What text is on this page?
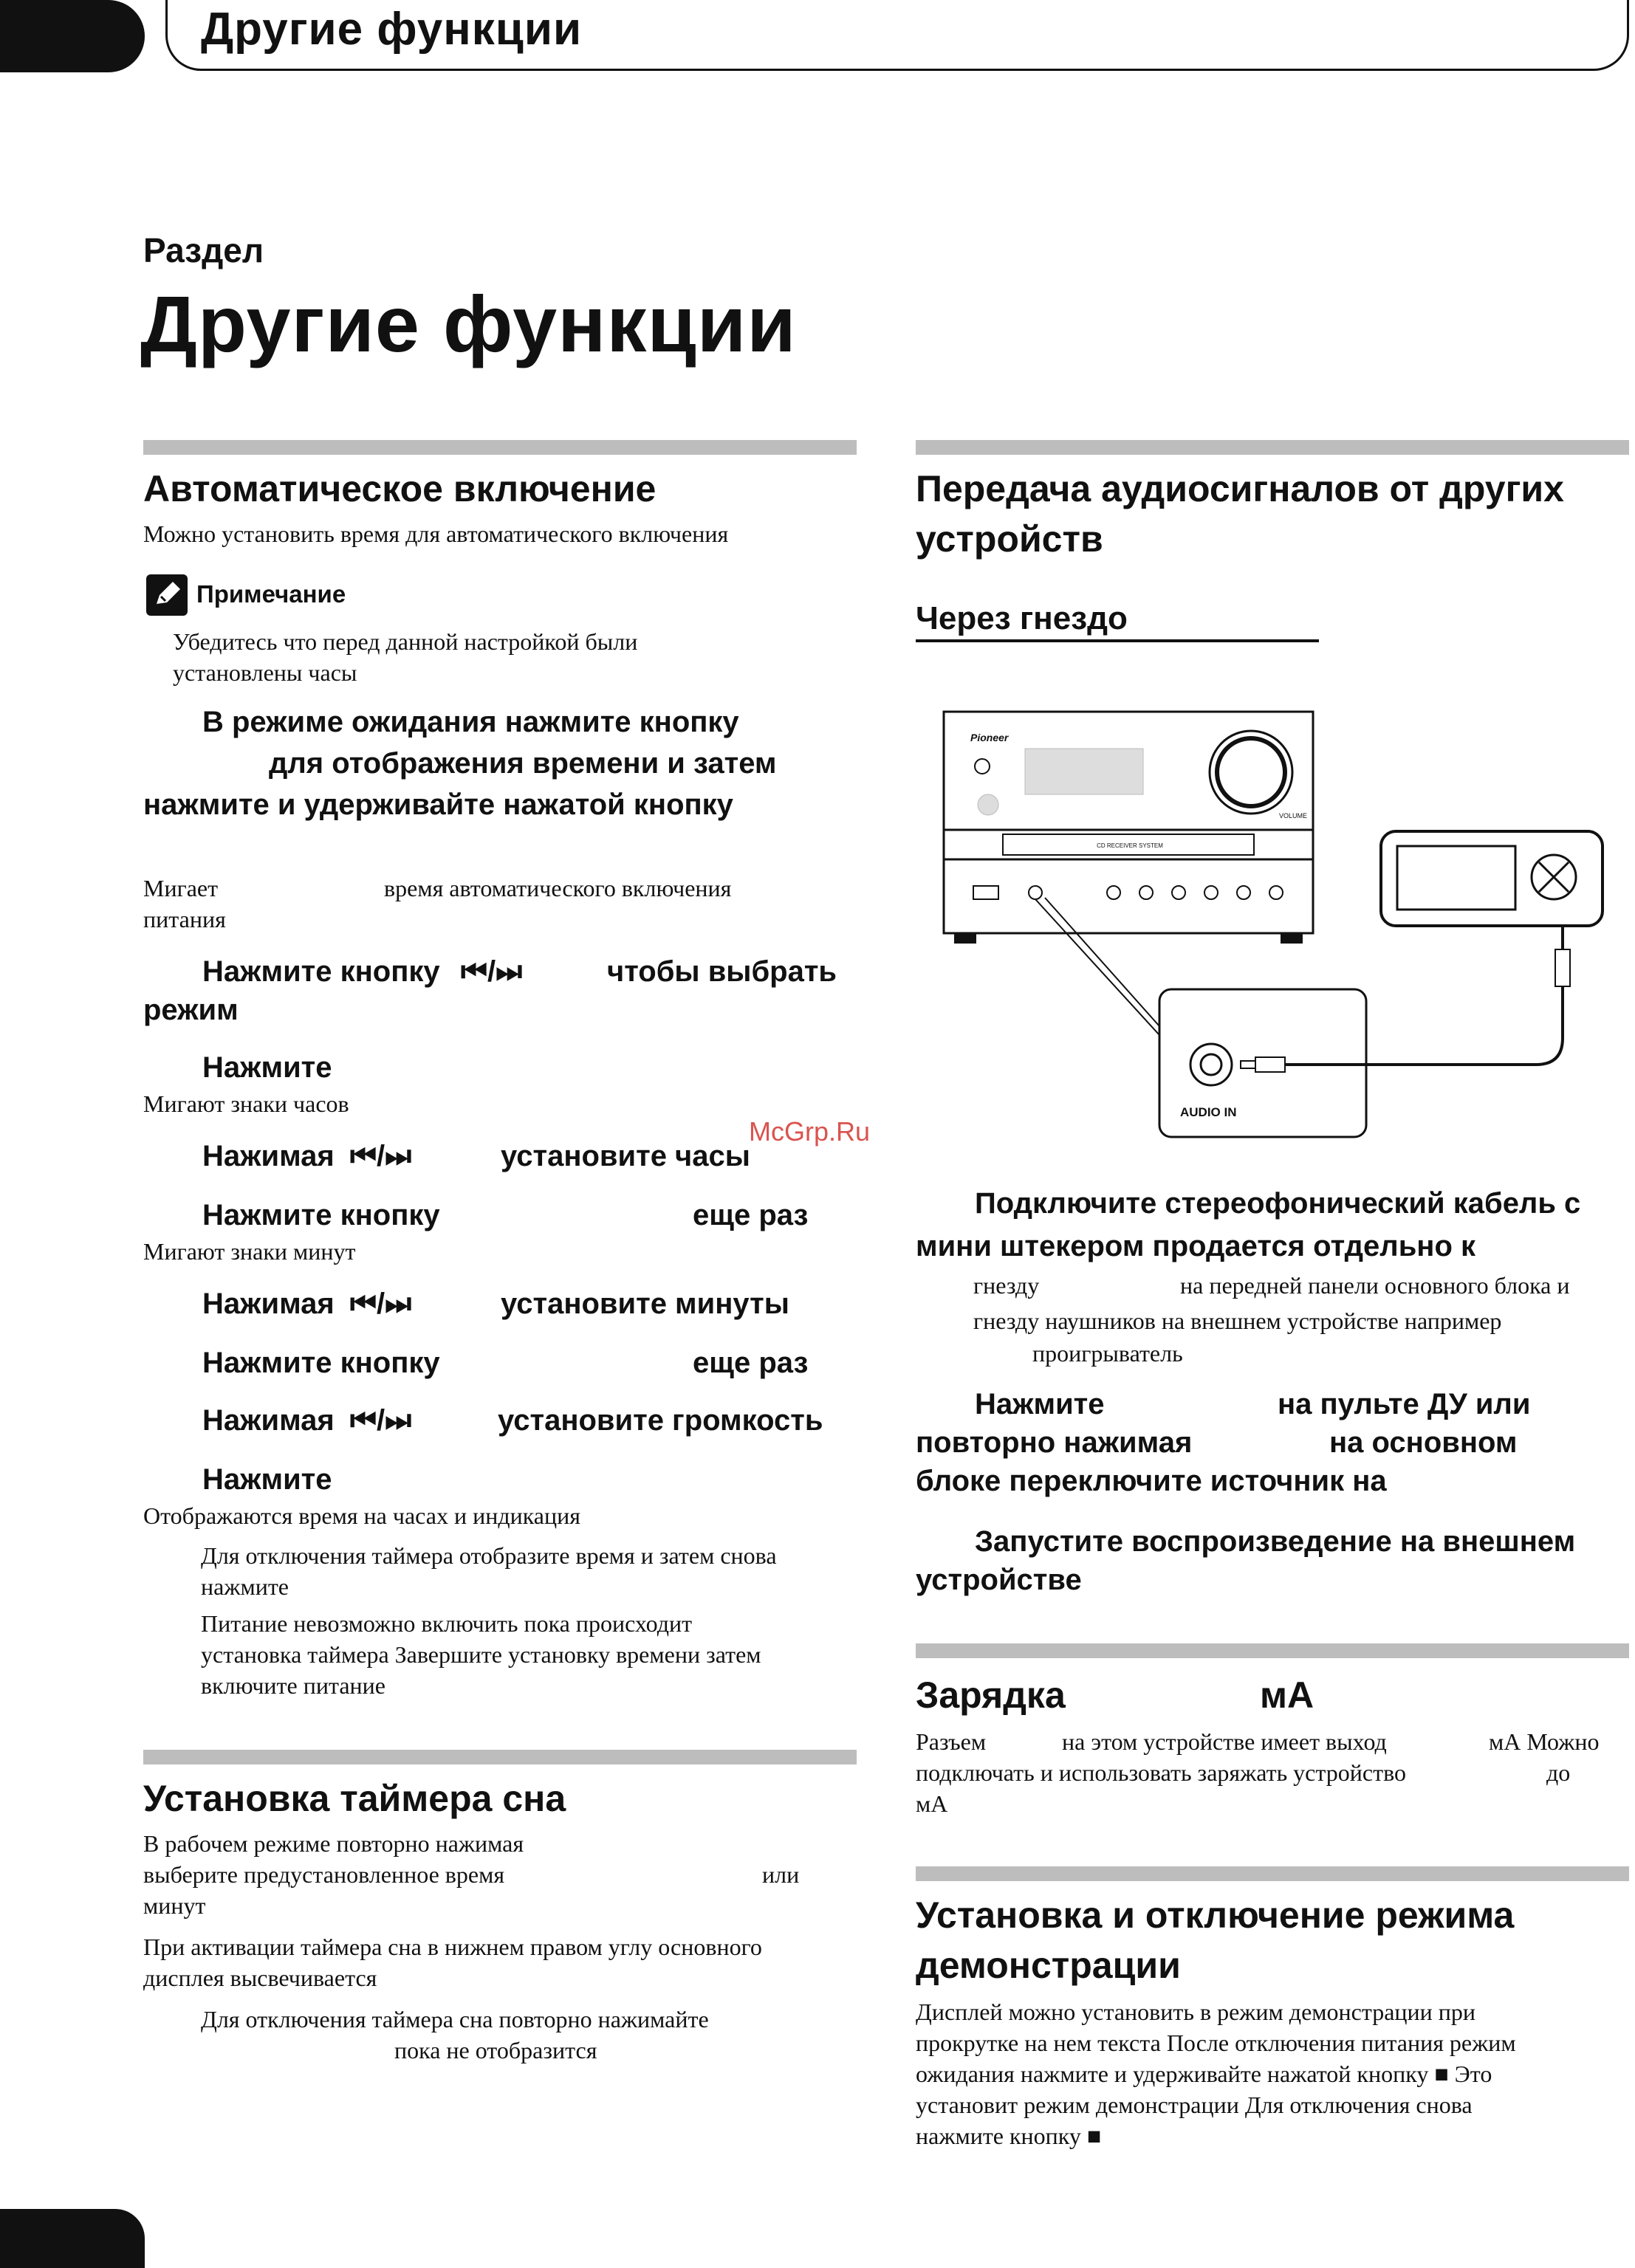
Другие функции
Раздел
Другие функции
Автоматическое включение
Можно установить время для автоматического включения
Примечание
Убедитесь что перед данной настройкой были
установлены часы
В режиме ожидания нажмите кнопку
для отображения времени и затем
нажмите и удерживайте нажатой кнопку
Мигает	время автоматического включения
питания
Нажмите кнопку ⏮/⏭	чтобы выбрать
режим
Нажмите
Мигают знаки часов
Нажимая ⏮/⏭	установите часы
Нажмите кнопку	еще раз
Мигают знаки минут
Нажимая ⏮/⏭	установите минуты
Нажмите кнопку	еще раз
Нажимая ⏮/⏭	установите громкость
Нажмите
Отображаются время на часах и индикация
Для отключения таймера отобразите время и затем снова
нажмите
Питание невозможно включить пока происходит
установка таймера Завершите установку времени затем
включите питание
Установка таймера сна
В рабочем режиме повторно нажимая
выберите предустановленное время	или
минут
При активации таймера сна в нижнем правом углу основного
дисплея высвечивается
Для отключения таймера сна повторно нажимайте
пока не отобразится
Передача аудиосигналов от других
устройств
Через гнездо
Pioneer
VOLUME
CD RECEIVER SYSTEM
AUDIO IN
McGrp.Ru
Подключите стереофонический кабель с
мини штекером продается отдельно к
гнезду	на передней панели основного блока и
гнезду наушников на внешнем устройстве например
проигрыватель
Нажмите	на пульте ДУ или
повторно нажимая	на основном
блоке переключите источник на
Запустите воспроизведение на внешнем
устройстве
Зарядка	мА
Разъем	на этом устройстве имеет выход	мА Можно
подключать и использовать заряжать устройство	до
мА
Установка и отключение режима
демонстрации
Дисплей можно установить в режим демонстрации при
прокрутке на нем текста После отключения питания режим
ожидания нажмите и удерживайте нажатой кнопку ■ Это
установит режим демонстрации Для отключения снова
нажмите кнопку ■
